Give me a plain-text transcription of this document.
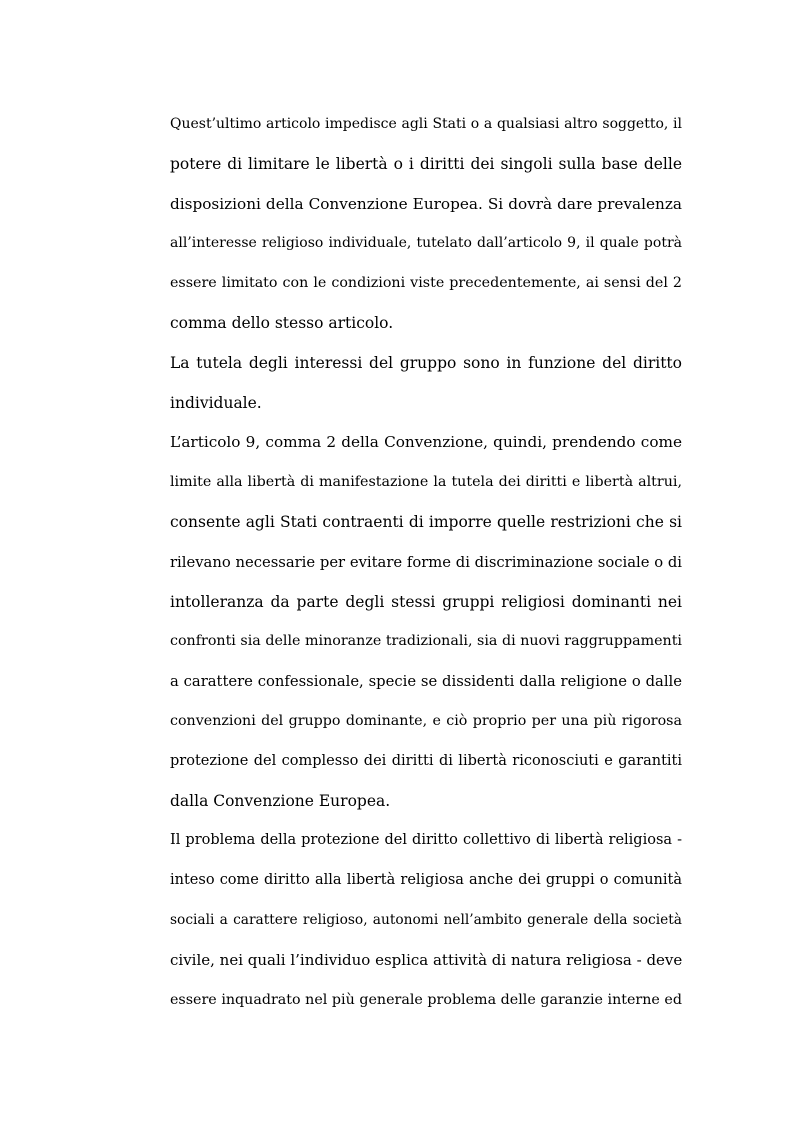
Quest’ultimo articolo impedisce agli Stati o a qualsiasi altro soggetto, il
potere di limitare le libertà o i diritti dei singoli sulla base delle
disposizioni della Convenzione Europea. Si dovrà dare prevalenza
all’interesse religioso individuale, tutelato dall’articolo 9, il quale potrà
essere limitato con le condizioni viste precedentemente, ai sensi del 2
comma dello stesso articolo.
La tutela degli interessi del gruppo sono in funzione del diritto
individuale.
L’articolo 9, comma 2 della Convenzione, quindi, prendendo come
limite alla libertà di manifestazione la tutela dei diritti e libertà altrui,
consente agli Stati contraenti di imporre quelle restrizioni che si
rilevano necessarie per evitare forme di discriminazione sociale o di
intolleranza da parte degli stessi gruppi religiosi dominanti nei
confronti sia delle minoranze tradizionali, sia di nuovi raggruppamenti
a carattere confessionale, specie se dissidenti dalla religione o dalle
convenzioni del gruppo dominante, e ciò proprio per una più rigorosa
protezione del complesso dei diritti di libertà riconosciuti e garantiti
dalla Convenzione Europea.
Il problema della protezione del diritto collettivo di libertà religiosa -
inteso come diritto alla libertà religiosa anche dei gruppi o comunità
sociali a carattere religioso, autonomi nell’ambito generale della società
civile, nei quali l’individuo esplica attività di natura religiosa - deve
essere inquadrato nel più generale problema delle garanzie interne ed
